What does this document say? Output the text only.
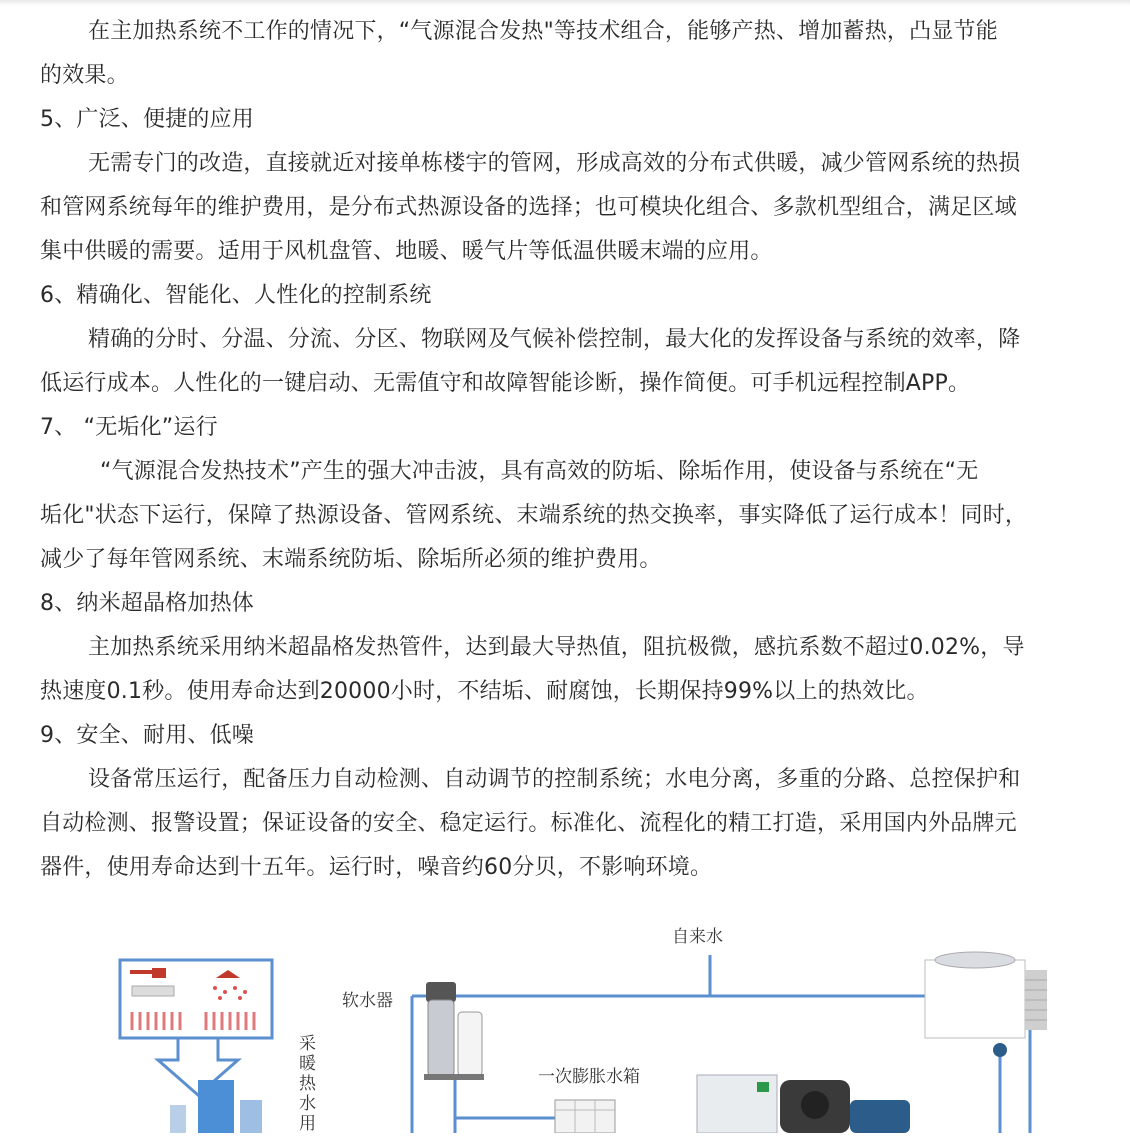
在主加热系统不工作的情况下，“气源混合发热"等技术组合，能够产热、增加蓄热，凸显节能
的效果。
5、广泛、便捷的应用
无需专门的改造，直接就近对接单栋楼宇的管网，形成高效的分布式供暖，减少管网系统的热损
和管网系统每年的维护费用，是分布式热源设备的选择；也可模块化组合、多款机型组合，满足区域
集中供暖的需要。适用于风机盘管、地暖、暖气片等低温供暖末端的应用。
6、精确化、智能化、人性化的控制系统
精确的分时、分温、分流、分区、物联网及气候补偿控制，最大化的发挥设备与系统的效率，降
低运行成本。人性化的一键启动、无需值守和故障智能诊断，操作简便。可手机远程控制APP。
7、 “无垢化”运行
“气源混合发热技术”产生的强大冲击波，具有高效的防垢、除垢作用，使设备与系统在“无
垢化"状态下运行，保障了热源设备、管网系统、末端系统的热交换率，事实降低了运行成本！同时，
减少了每年管网系统、末端系统防垢、除垢所必须的维护费用。
8、纳米超晶格加热体
主加热系统采用纳米超晶格发热管件，达到最大导热值，阻抗极微，感抗系数不超过0.02%，导
热速度0.1秒。使用寿命达到20000小时，不结垢、耐腐蚀，长期保持99%以上的热效比。
9、安全、耐用、低噪
设备常压运行，配备压力自动检测、自动调节的控制系统；水电分离，多重的分路、总控保护和
自动检测、报警设置；保证设备的安全、稳定运行。标准化、流程化的精工打造，采用国内外品牌元
器件，使用寿命达到十五年。运行时，噪音约60分贝，不影响环境。
自来水
软水器
一次膨胀水箱
采暖热水用
